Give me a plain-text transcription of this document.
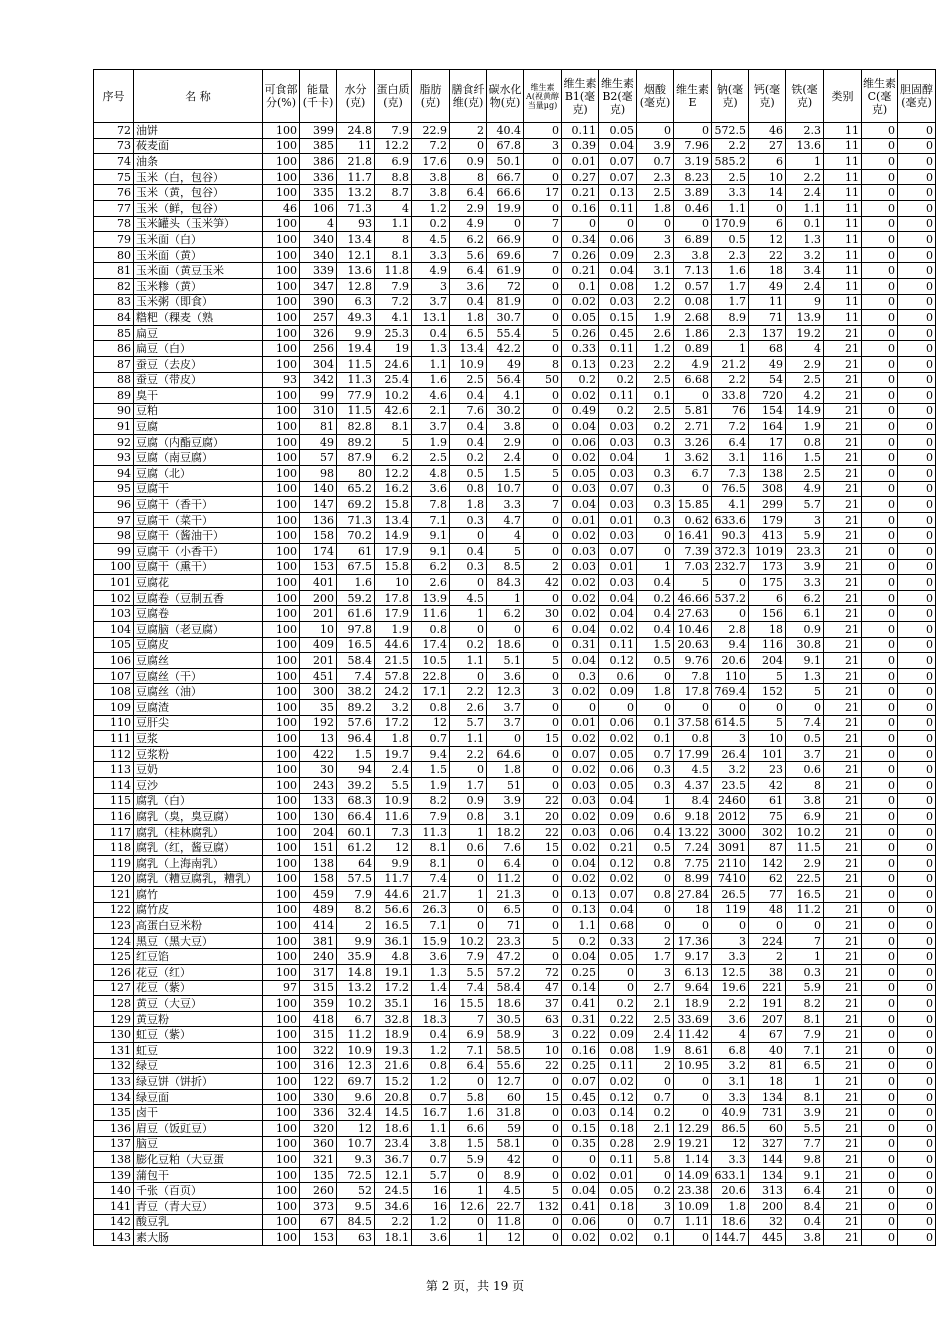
序号	名 称	可食部分(%)	能量(千卡)	水分(克)	蛋白质(克)	脂肪(克)	膳食纤维(克)	碳水化物(克)	维生素A(视黄醇当量μg)	维生素B1(毫克)	维生素B2(毫克)	烟酸(毫克)	维生素E	钠(毫克)	钙(毫克)	铁(毫克)	类别	维生素C(毫克)	胆固醇(毫克)
72	油饼	100	399	24.8	7.9	22.9	2	40.4	0	0.11	0.05	0	0	572.5	46	2.3	11	0	0
73	莜麦面	100	385	11	12.2	7.2	0	67.8	3	0.39	0.04	3.9	7.96	2.2	27	13.6	11	0	0
74	油条	100	386	21.8	6.9	17.6	0.9	50.1	0	0.01	0.07	0.7	3.19	585.2	6	1	11	0	0
75	玉米（白，包谷）	100	336	11.7	8.8	3.8	8	66.7	0	0.27	0.07	2.3	8.23	2.5	10	2.2	11	0	0
76	玉米（黄，包谷）	100	335	13.2	8.7	3.8	6.4	66.6	17	0.21	0.13	2.5	3.89	3.3	14	2.4	11	0	0
77	玉米（鲜，包谷）	46	106	71.3	4	1.2	2.9	19.9	0	0.16	0.11	1.8	0.46	1.1	0	1.1	11	0	0
78	玉米罐头（玉米笋）	100	4	93	1.1	0.2	4.9	0	7	0	0	0	0	170.9	6	0.1	11	0	0
79	玉米面（白）	100	340	13.4	8	4.5	6.2	66.9	0	0.34	0.06	3	6.89	0.5	12	1.3	11	0	0
80	玉米面（黄）	100	340	12.1	8.1	3.3	5.6	69.6	7	0.26	0.09	2.3	3.8	2.3	22	3.2	11	0	0
81	玉米面（黄豆玉米	100	339	13.6	11.8	4.9	6.4	61.9	0	0.21	0.04	3.1	7.13	1.6	18	3.4	11	0	0
82	玉米糁（黄）	100	347	12.8	7.9	3	3.6	72	0	0.1	0.08	1.2	0.57	1.7	49	2.4	11	0	0
83	玉米粥（即食）	100	390	6.3	7.2	3.7	0.4	81.9	0	0.02	0.03	2.2	0.08	1.7	11	9	11	0	0
84	糌粑（稞麦（熟	100	257	49.3	4.1	13.1	1.8	30.7	0	0.05	0.15	1.9	2.68	8.9	71	13.9	11	0	0
85	扁豆	100	326	9.9	25.3	0.4	6.5	55.4	5	0.26	0.45	2.6	1.86	2.3	137	19.2	21	0	0
86	扁豆（白）	100	256	19.4	19	1.3	13.4	42.2	0	0.33	0.11	1.2	0.89	1	68	4	21	0	0
87	蚕豆（去皮）	100	304	11.5	24.6	1.1	10.9	49	8	0.13	0.23	2.2	4.9	21.2	49	2.9	21	0	0
88	蚕豆（带皮）	93	342	11.3	25.4	1.6	2.5	56.4	50	0.2	0.2	2.5	6.68	2.2	54	2.5	21	0	0
89	臭干	100	99	77.9	10.2	4.6	0.4	4.1	0	0.02	0.11	0.1	0	33.8	720	4.2	21	0	0
90	豆粕	100	310	11.5	42.6	2.1	7.6	30.2	0	0.49	0.2	2.5	5.81	76	154	14.9	21	0	0
91	豆腐	100	81	82.8	8.1	3.7	0.4	3.8	0	0.04	0.03	0.2	2.71	7.2	164	1.9	21	0	0
92	豆腐（内酯豆腐）	100	49	89.2	5	1.9	0.4	2.9	0	0.06	0.03	0.3	3.26	6.4	17	0.8	21	0	0
93	豆腐（南豆腐）	100	57	87.9	6.2	2.5	0.2	2.4	0	0.02	0.04	1	3.62	3.1	116	1.5	21	0	0
94	豆腐（北）	100	98	80	12.2	4.8	0.5	1.5	5	0.05	0.03	0.3	6.7	7.3	138	2.5	21	0	0
95	豆腐干	100	140	65.2	16.2	3.6	0.8	10.7	0	0.03	0.07	0.3	0	76.5	308	4.9	21	0	0
96	豆腐干（香干）	100	147	69.2	15.8	7.8	1.8	3.3	7	0.04	0.03	0.3	15.85	4.1	299	5.7	21	0	0
97	豆腐干（菜干）	100	136	71.3	13.4	7.1	0.3	4.7	0	0.01	0.01	0.3	0.62	633.6	179	3	21	0	0
98	豆腐干（酱油干）	100	158	70.2	14.9	9.1	0	4	0	0.02	0.03	0	16.41	90.3	413	5.9	21	0	0
99	豆腐干（小香干）	100	174	61	17.9	9.1	0.4	5	0	0.03	0.07	0	7.39	372.3	1019	23.3	21	0	0
100	豆腐干（熏干）	100	153	67.5	15.8	6.2	0.3	8.5	2	0.03	0.01	1	7.03	232.7	173	3.9	21	0	0
101	豆腐花	100	401	1.6	10	2.6	0	84.3	42	0.02	0.03	0.4	5	0	175	3.3	21	0	0
102	豆腐卷（豆制五香	100	200	59.2	17.8	13.9	4.5	1	0	0.02	0.04	0.2	46.66	537.2	6	6.2	21	0	0
103	豆腐卷	100	201	61.6	17.9	11.6	1	6.2	30	0.02	0.04	0.4	27.63	0	156	6.1	21	0	0
104	豆腐脑（老豆腐）	100	10	97.8	1.9	0.8	0	0	6	0.04	0.02	0.4	10.46	2.8	18	0.9	21	0	0
105	豆腐皮	100	409	16.5	44.6	17.4	0.2	18.6	0	0.31	0.11	1.5	20.63	9.4	116	30.8	21	0	0
106	豆腐丝	100	201	58.4	21.5	10.5	1.1	5.1	5	0.04	0.12	0.5	9.76	20.6	204	9.1	21	0	0
107	豆腐丝（干）	100	451	7.4	57.8	22.8	0	3.6	0	0.3	0.6	0	7.8	110	5	1.3	21	0	0
108	豆腐丝（油）	100	300	38.2	24.2	17.1	2.2	12.3	3	0.02	0.09	1.8	17.8	769.4	152	5	21	0	0
109	豆腐渣	100	35	89.2	3.2	0.8	2.6	3.7	0	0	0	0	0	0	0	0	21	0	0
110	豆肝尖	100	192	57.6	17.2	12	5.7	3.7	0	0.01	0.06	0.1	37.58	614.5	5	7.4	21	0	0
111	豆浆	100	13	96.4	1.8	0.7	1.1	0	15	0.02	0.02	0.1	0.8	3	10	0.5	21	0	0
112	豆浆粉	100	422	1.5	19.7	9.4	2.2	64.6	0	0.07	0.05	0.7	17.99	26.4	101	3.7	21	0	0
113	豆奶	100	30	94	2.4	1.5	0	1.8	0	0.02	0.06	0.3	4.5	3.2	23	0.6	21	0	0
114	豆沙	100	243	39.2	5.5	1.9	1.7	51	0	0.03	0.05	0.3	4.37	23.5	42	8	21	0	0
115	腐乳（白）	100	133	68.3	10.9	8.2	0.9	3.9	22	0.03	0.04	1	8.4	2460	61	3.8	21	0	0
116	腐乳（臭，臭豆腐）	100	130	66.4	11.6	7.9	0.8	3.1	20	0.02	0.09	0.6	9.18	2012	75	6.9	21	0	0
117	腐乳（桂林腐乳）	100	204	60.1	7.3	11.3	1	18.2	22	0.03	0.06	0.4	13.22	3000	302	10.2	21	0	0
118	腐乳（红，酱豆腐）	100	151	61.2	12	8.1	0.6	7.6	15	0.02	0.21	0.5	7.24	3091	87	11.5	21	0	0
119	腐乳（上海南乳）	100	138	64	9.9	8.1	0	6.4	0	0.04	0.12	0.8	7.75	2110	142	2.9	21	0	0
120	腐乳（糟豆腐乳，糟乳）	100	158	57.5	11.7	7.4	0	11.2	0	0.02	0.02	0	8.99	7410	62	22.5	21	0	0
121	腐竹	100	459	7.9	44.6	21.7	1	21.3	0	0.13	0.07	0.8	27.84	26.5	77	16.5	21	0	0
122	腐竹皮	100	489	8.2	56.6	26.3	0	6.5	0	0.13	0.04	0	18	119	48	11.2	21	0	0
123	高蛋白豆米粉	100	414	2	16.5	7.1	0	71	0	1.1	0.68	0	0	0	0	0	21	0	0
124	黑豆（黑大豆）	100	381	9.9	36.1	15.9	10.2	23.3	5	0.2	0.33	2	17.36	3	224	7	21	0	0
125	红豆馅	100	240	35.9	4.8	3.6	7.9	47.2	0	0.04	0.05	1.7	9.17	3.3	2	1	21	0	0
126	花豆（红）	100	317	14.8	19.1	1.3	5.5	57.2	72	0.25	0	3	6.13	12.5	38	0.3	21	0	0
127	花豆（紫）	97	315	13.2	17.2	1.4	7.4	58.4	47	0.14	0	2.7	9.64	19.6	221	5.9	21	0	0
128	黄豆（大豆）	100	359	10.2	35.1	16	15.5	18.6	37	0.41	0.2	2.1	18.9	2.2	191	8.2	21	0	0
129	黄豆粉	100	418	6.7	32.8	18.3	7	30.5	63	0.31	0.22	2.5	33.69	3.6	207	8.1	21	0	0
130	虹豆（紫）	100	315	11.2	18.9	0.4	6.9	58.9	3	0.22	0.09	2.4	11.42	4	67	7.9	21	0	0
131	虹豆	100	322	10.9	19.3	1.2	7.1	58.5	10	0.16	0.08	1.9	8.61	6.8	40	7.1	21	0	0
132	绿豆	100	316	12.3	21.6	0.8	6.4	55.6	22	0.25	0.11	2	10.95	3.2	81	6.5	21	0	0
133	绿豆饼（饼折）	100	122	69.7	15.2	1.2	0	12.7	0	0.07	0.02	0	0	3.1	18	1	21	0	0
134	绿豆面	100	330	9.6	20.8	0.7	5.8	60	15	0.45	0.12	0.7	0	3.3	134	8.1	21	0	0
135	卤干	100	336	32.4	14.5	16.7	1.6	31.8	0	0.03	0.14	0.2	0	40.9	731	3.9	21	0	0
136	眉豆（饭豇豆）	100	320	12	18.6	1.1	6.6	59	0	0.15	0.18	2.1	12.29	86.5	60	5.5	21	0	0
137	脑豆	100	360	10.7	23.4	3.8	1.5	58.1	0	0.35	0.28	2.9	19.21	12	327	7.7	21	0	0
138	膨化豆粕（大豆蛋	100	321	9.3	36.7	0.7	5.9	42	0	0	0.11	5.8	1.14	3.3	144	9.8	21	0	0
139	蒲包干	100	135	72.5	12.1	5.7	0	8.9	0	0.02	0.01	0	14.09	633.1	134	9.1	21	0	0
140	千张（百页）	100	260	52	24.5	16	1	4.5	5	0.04	0.05	0.2	23.38	20.6	313	6.4	21	0	0
141	青豆（青大豆）	100	373	9.5	34.6	16	12.6	22.7	132	0.41	0.18	3	10.09	1.8	200	8.4	21	0	0
142	酸豆乳	100	67	84.5	2.2	1.2	0	11.8	0	0.06	0	0.7	1.11	18.6	32	0.4	21	0	0
143	素大肠	100	153	63	18.1	3.6	1	12	0	0.02	0.02	0.1	0	144.7	445	3.8	21	0	0
第 2 页，共 19 页
